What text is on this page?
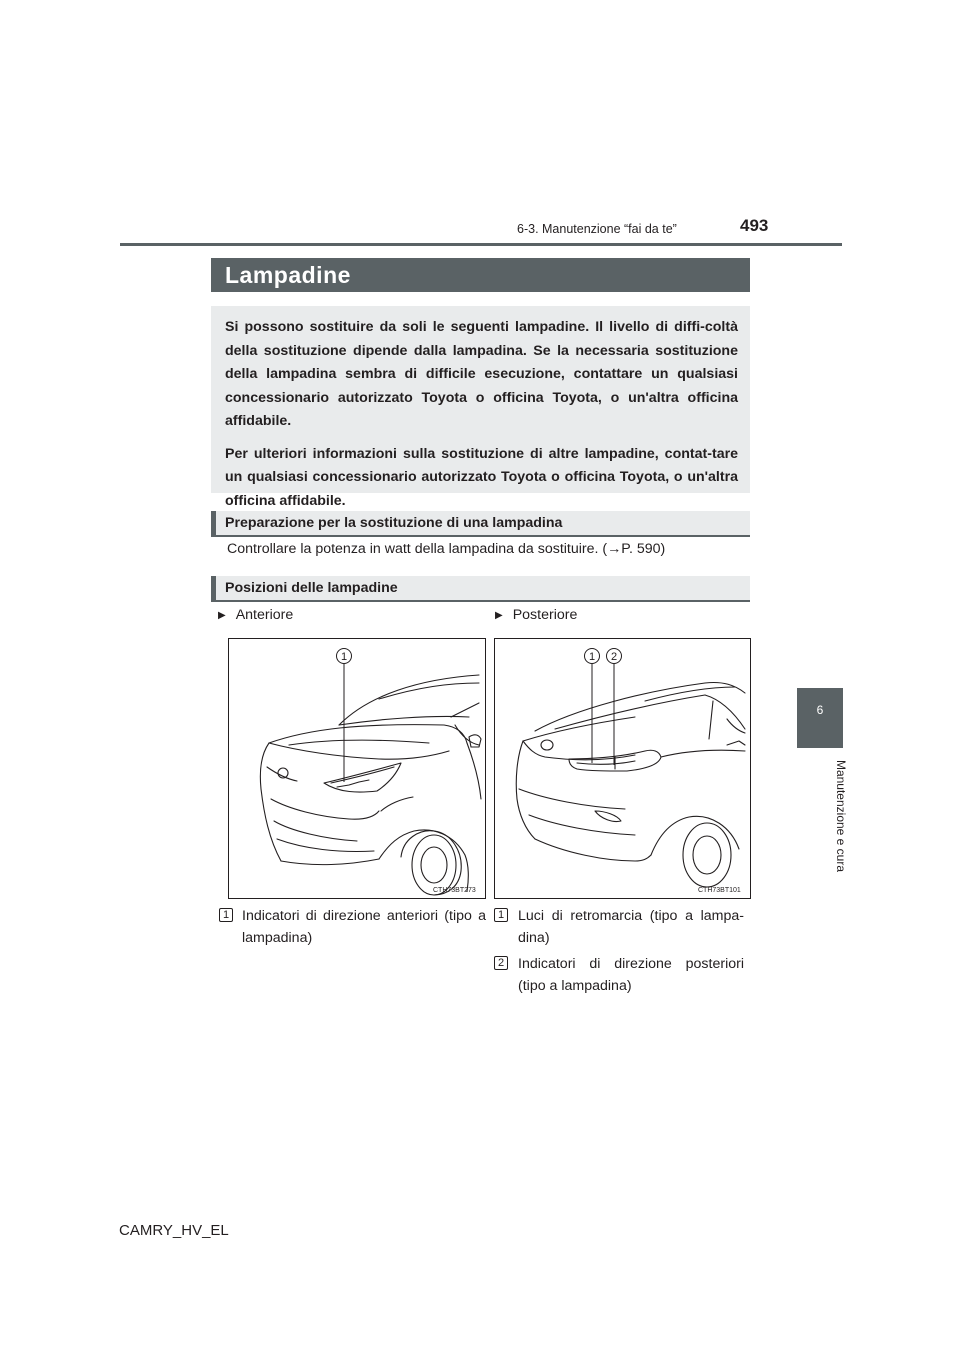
493
6-3. Manutenzione “fai da te”
6
Manutenzione e cura
Lampadine

Si possono sostituire da soli le seguenti lampadine. Il livello di diffi-coltà della sostituzione dipende dalla lampadina. Se la necessaria sostituzione della lampadina sembra di difficile esecuzione, contattare un qualsiasi concessionario autorizzato Toyota o officina Toyota, o un'altra officina affidabile.

Per ulteriori informazioni sulla sostituzione di altre lampadine, contat-tare un qualsiasi concessionario autorizzato Toyota o officina Toyota, o un'altra officina affidabile.

Preparazione per la sostituzione di una lampadina
Controllare la potenza in watt della lampadina da sostituire. (→P. 590)
Posizioni delle lampadine
▶ Anteriore	▶ Posteriore
1
CTH73BT273
1 2
CTH73BT101
1 Indicatori di direzione anteriori (tipo a lampadina)
1 Luci di retromarcia (tipo a lampa-dina)
2 Indicatori di direzione posteriori (tipo a lampadina)
CAMRY_HV_EL
